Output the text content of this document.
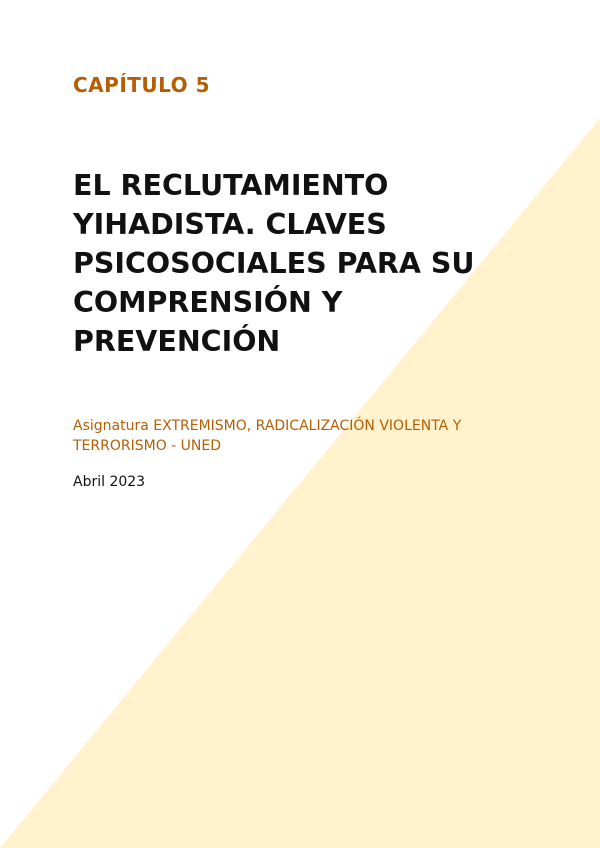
CAPÍTULO 5
EL RECLUTAMIENTO
YIHADISTA. CLAVES
PSICOSOCIALES PARA SU
COMPRENSIÓN Y
PREVENCIÓN
Asignatura EXTREMISMO, RADICALIZACIÓN VIOLENTA Y
TERRORISMO - UNED
Abril 2023
